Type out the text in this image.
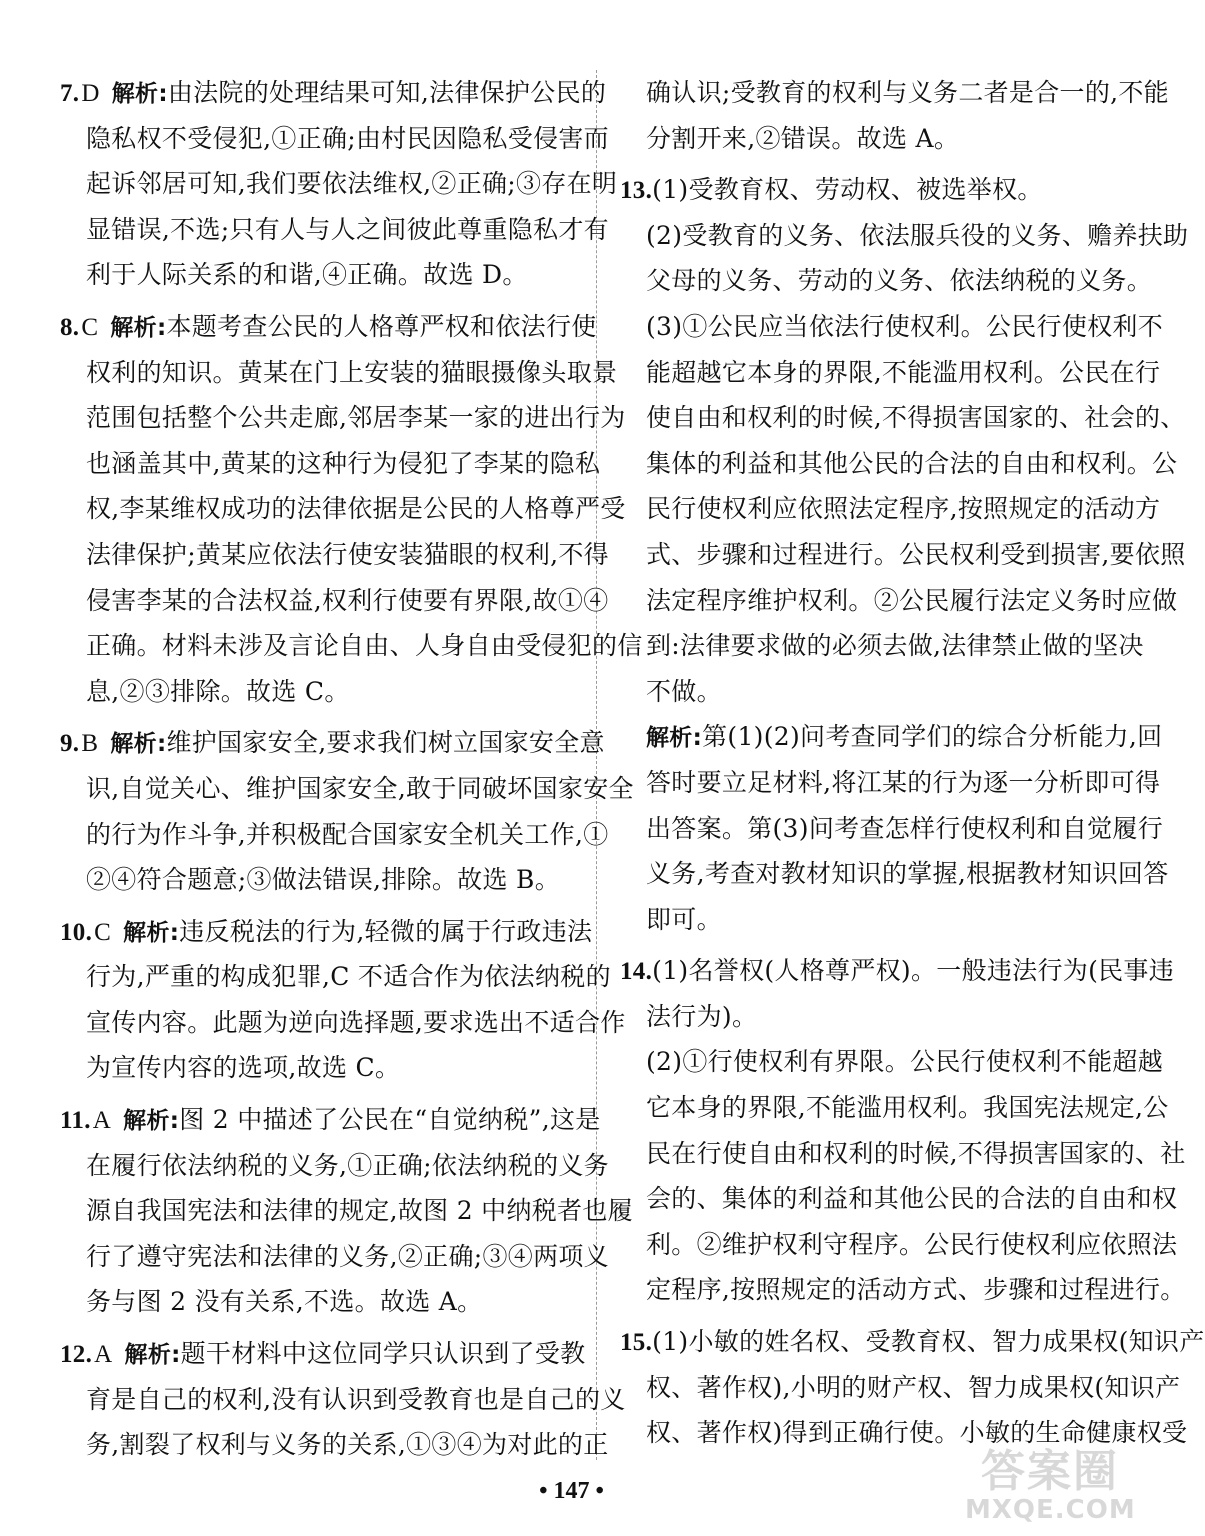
7.D 解析:由法院的处理结果可知,法律保护公民的
隐私权不受侵犯,①正确;由村民因隐私受侵害而
起诉邻居可知,我们要依法维权,②正确;③存在明
显错误,不选;只有人与人之间彼此尊重隐私才有
利于人际关系的和谐,④正确。故选 D。
8.C 解析:本题考查公民的人格尊严权和依法行使
权利的知识。黄某在门上安装的猫眼摄像头取景
范围包括整个公共走廊,邻居李某一家的进出行为
也涵盖其中,黄某的这种行为侵犯了李某的隐私
权,李某维权成功的法律依据是公民的人格尊严受
法律保护;黄某应依法行使安装猫眼的权利,不得
侵害李某的合法权益,权利行使要有界限,故①④
正确。材料未涉及言论自由、人身自由受侵犯的信
息,②③排除。故选 C。
9.B 解析:维护国家安全,要求我们树立国家安全意
识,自觉关心、维护国家安全,敢于同破坏国家安全
的行为作斗争,并积极配合国家安全机关工作,①
②④符合题意;③做法错误,排除。故选 B。
10.C 解析:违反税法的行为,轻微的属于行政违法
行为,严重的构成犯罪,C 不适合作为依法纳税的
宣传内容。此题为逆向选择题,要求选出不适合作
为宣传内容的选项,故选 C。
11.A 解析:图 2 中描述了公民在“自觉纳税”,这是
在履行依法纳税的义务,①正确;依法纳税的义务
源自我国宪法和法律的规定,故图 2 中纳税者也履
行了遵守宪法和法律的义务,②正确;③④两项义
务与图 2 没有关系,不选。故选 A。
12.A 解析:题干材料中这位同学只认识到了受教
育是自己的权利,没有认识到受教育也是自己的义
务,割裂了权利与义务的关系,①③④为对此的正
确认识;受教育的权利与义务二者是合一的,不能
分割开来,②错误。故选 A。
13.(1)受教育权、劳动权、被选举权。
(2)受教育的义务、依法服兵役的义务、赡养扶助
父母的义务、劳动的义务、依法纳税的义务。
(3)①公民应当依法行使权利。公民行使权利不
能超越它本身的界限,不能滥用权利。公民在行
使自由和权利的时候,不得损害国家的、社会的、
集体的利益和其他公民的合法的自由和权利。公
民行使权利应依照法定程序,按照规定的活动方
式、步骤和过程进行。公民权利受到损害,要依照
法定程序维护权利。②公民履行法定义务时应做
到:法律要求做的必须去做,法律禁止做的坚决
不做。
解析:第(1)(2)问考查同学们的综合分析能力,回
答时要立足材料,将江某的行为逐一分析即可得
出答案。第(3)问考查怎样行使权利和自觉履行
义务,考查对教材知识的掌握,根据教材知识回答
即可。
14.(1)名誉权(人格尊严权)。一般违法行为(民事违
法行为)。
(2)①行使权利有界限。公民行使权利不能超越
它本身的界限,不能滥用权利。我国宪法规定,公
民在行使自由和权利的时候,不得损害国家的、社
会的、集体的利益和其他公民的合法的自由和权
利。②维护权利守程序。公民行使权利应依照法
定程序,按照规定的活动方式、步骤和过程进行。
15.(1)小敏的姓名权、受教育权、智力成果权(知识产
权、著作权),小明的财产权、智力成果权(知识产
权、著作权)得到正确行使。小敏的生命健康权受
• 147 •	答案圈
MXQE.COM
